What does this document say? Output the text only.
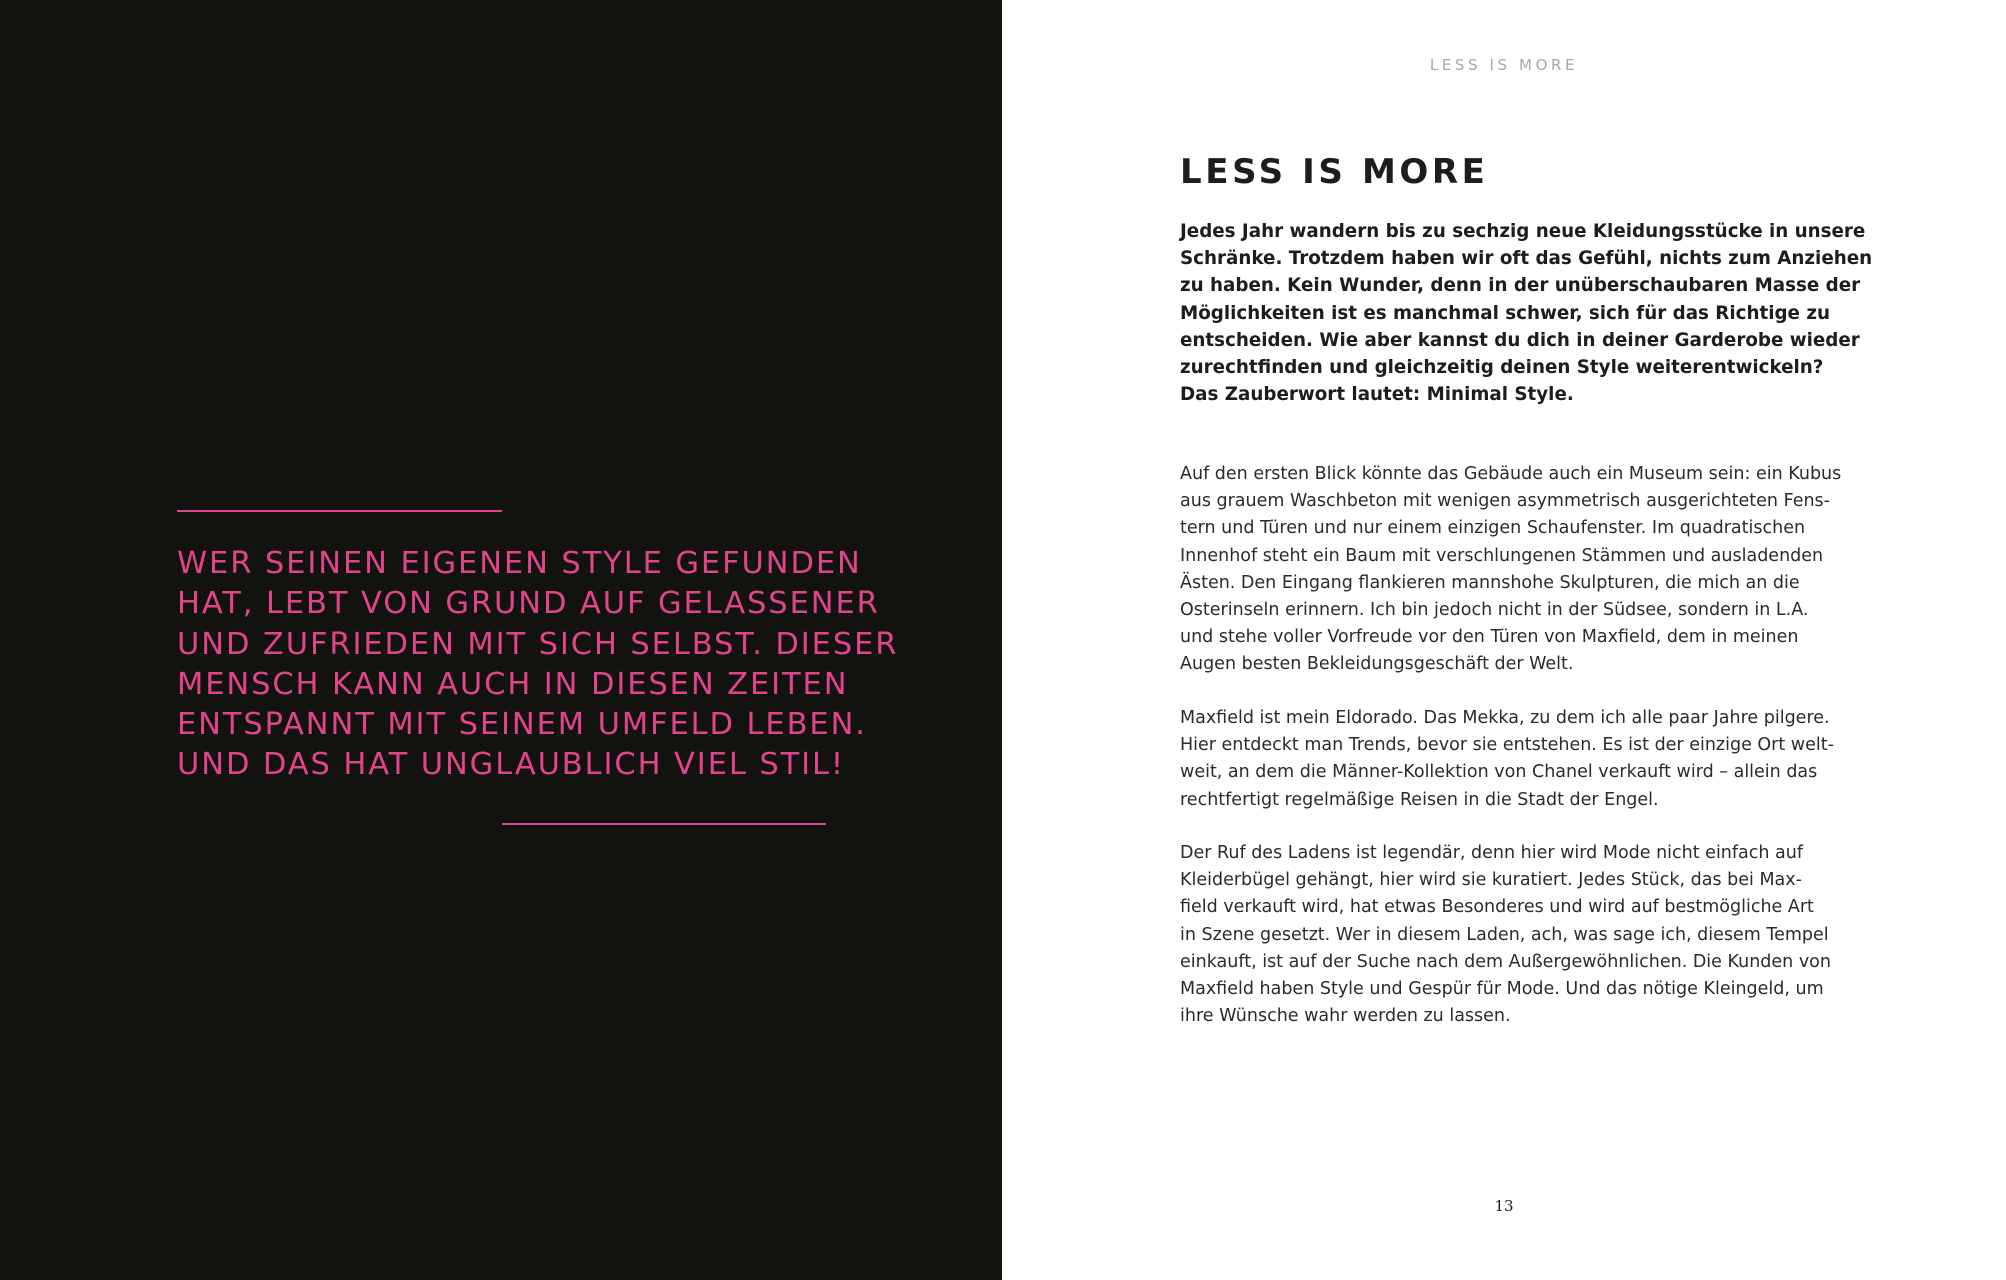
WER SEINEN EIGENEN STYLE GEFUNDEN
HAT, LEBT VON GRUND AUF GELASSENER
UND ZUFRIEDEN MIT SICH SELBST. DIESER
MENSCH KANN AUCH IN DIESEN ZEITEN
ENTSPANNT MIT SEINEM UMFELD LEBEN.
UND DAS HAT UNGLAUBLICH VIEL STIL!
LESS IS MORE
LESS IS MORE
Jedes Jahr wandern bis zu sechzig neue Kleidungsstücke in unsere
Schränke. Trotzdem haben wir oft das Gefühl, nichts zum Anziehen
zu haben. Kein Wunder, denn in der unüberschaubaren Masse der
Möglichkeiten ist es manchmal schwer, sich für das Richtige zu
entscheiden. Wie aber kannst du dich in deiner Garderobe wieder
zurechtfinden und gleichzeitig deinen Style weiterentwickeln?
Das Zauberwort lautet: Minimal Style.
Auf den ersten Blick könnte das Gebäude auch ein Museum sein: ein Kubus
aus grauem Waschbeton mit wenigen asymmetrisch ausgerichteten Fens-
tern und Türen und nur einem einzigen Schaufenster. Im quadratischen
Innenhof steht ein Baum mit verschlungenen Stämmen und ausladenden
Ästen. Den Eingang flankieren mannshohe Skulpturen, die mich an die
Osterinseln erinnern. Ich bin jedoch nicht in der Südsee, sondern in L.A.
und stehe voller Vorfreude vor den Türen von Maxfield, dem in meinen
Augen besten Bekleidungsgeschäft der Welt.
Maxfield ist mein Eldorado. Das Mekka, zu dem ich alle paar Jahre pilgere.
Hier entdeckt man Trends, bevor sie entstehen. Es ist der einzige Ort welt-
weit, an dem die Männer-Kollektion von Chanel verkauft wird – allein das
rechtfertigt regelmäßige Reisen in die Stadt der Engel.
Der Ruf des Ladens ist legendär, denn hier wird Mode nicht einfach auf
Kleiderbügel gehängt, hier wird sie kuratiert. Jedes Stück, das bei Max-
field verkauft wird, hat etwas Besonderes und wird auf bestmögliche Art
in Szene gesetzt. Wer in diesem Laden, ach, was sage ich, diesem Tempel
einkauft, ist auf der Suche nach dem Außergewöhnlichen. Die Kunden von
Maxfield haben Style und Gespür für Mode. Und das nötige Kleingeld, um
ihre Wünsche wahr werden zu lassen.
13
